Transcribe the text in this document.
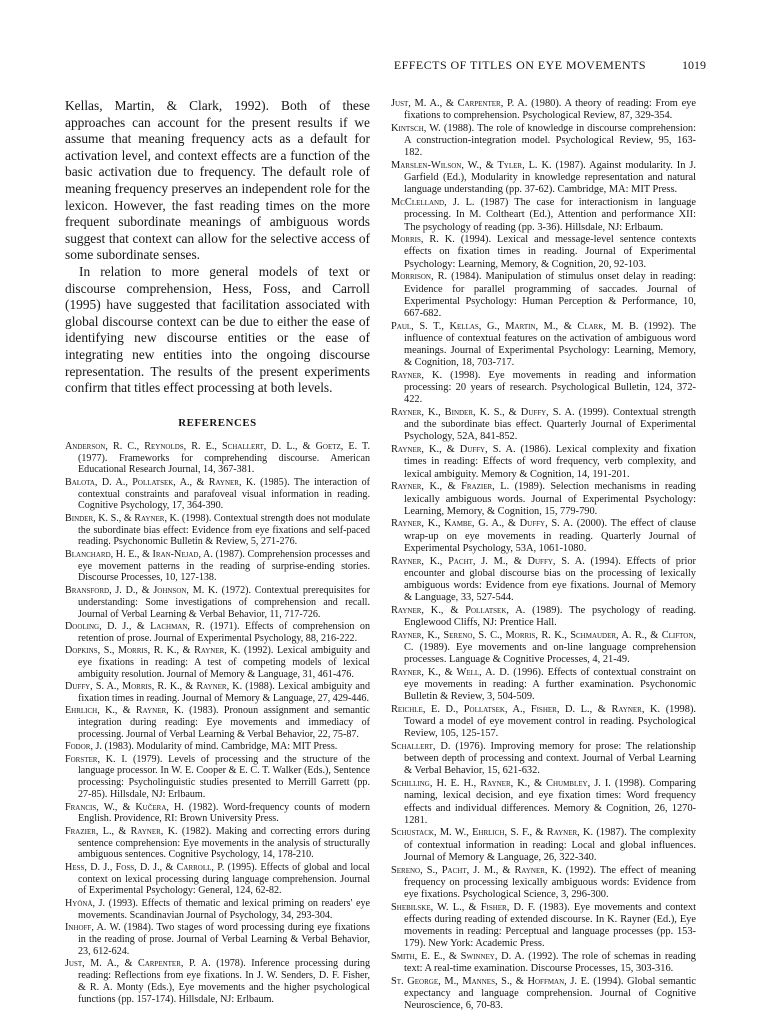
EFFECTS OF TITLES ON EYE MOVEMENTS	1019

Kellas, Martin, & Clark, 1992). Both of these approaches can account for the present results if we assume that meaning frequency acts as a default for activation level, and context effects are a function of the basic activation due to frequency. The default role of meaning frequency preserves an independent role for the lexicon. However, the fast reading times on the more frequent subordinate meanings of ambiguous words suggest that context can allow for the selective access of some subordinate senses.

In relation to more general models of text or discourse comprehension, Hess, Foss, and Carroll (1995) have suggested that facilitation associated with global discourse context can be due to either the ease of identifying new discourse entities or the ease of integrating new entities into the ongoing discourse representation. The results of the present experiments confirm that titles effect processing at both levels.

REFERENCES

Anderson, R. C., Reynolds, R. E., Schallert, D. L., & Goetz, E. T. (1977). Frameworks for comprehending discourse. American Educational Research Journal, 14, 367-381.

Balota, D. A., Pollatsek, A., & Rayner, K. (1985). The interaction of contextual constraints and parafoveal visual information in reading. Cognitive Psychology, 17, 364-390.

Binder, K. S., & Rayner, K. (1998). Contextual strength does not modulate the subordinate bias effect: Evidence from eye fixations and self-paced reading. Psychonomic Bulletin & Review, 5, 271-276.

Blanchard, H. E., & Iran-Nejad, A. (1987). Comprehension processes and eye movement patterns in the reading of surprise-ending stories. Discourse Processes, 10, 127-138.

Bransford, J. D., & Johnson, M. K. (1972). Contextual prerequisites for understanding: Some investigations of comprehension and recall. Journal of Verbal Learning & Verbal Behavior, 11, 717-726.

Dooling, D. J., & Lachman, R. (1971). Effects of comprehension on retention of prose. Journal of Experimental Psychology, 88, 216-222.

Dopkins, S., Morris, R. K., & Rayner, K. (1992). Lexical ambiguity and eye fixations in reading: A test of competing models of lexical ambiguity resolution. Journal of Memory & Language, 31, 461-476.

Duffy, S. A., Morris, R. K., & Rayner, K. (1988). Lexical ambiguity and fixation times in reading. Journal of Memory & Language, 27, 429-446.

Ehrlich, K., & Rayner, K. (1983). Pronoun assignment and semantic integration during reading: Eye movements and immediacy of processing. Journal of Verbal Learning & Verbal Behavior, 22, 75-87.

Fodor, J. (1983). Modularity of mind. Cambridge, MA: MIT Press.

Forster, K. I. (1979). Levels of processing and the structure of the language processor. In W. E. Cooper & E. C. T. Walker (Eds.), Sentence processing: Psycholinguistic studies presented to Merrill Garrett (pp. 27-85). Hillsdale, NJ: Erlbaum.

Francis, W., & Kučera, H. (1982). Word-frequency counts of modern English. Providence, RI: Brown University Press.

Frazier, L., & Rayner, K. (1982). Making and correcting errors during sentence comprehension: Eye movements in the analysis of structurally ambiguous sentences. Cognitive Psychology, 14, 178-210.

Hess, D. J., Foss, D. J., & Carroll, P. (1995). Effects of global and local context on lexical processing during language comprehension. Journal of Experimental Psychology: General, 124, 62-82.

Hyönä, J. (1993). Effects of thematic and lexical priming on readers' eye movements. Scandinavian Journal of Psychology, 34, 293-304.

Inhoff, A. W. (1984). Two stages of word processing during eye fixations in the reading of prose. Journal of Verbal Learning & Verbal Behavior, 23, 612-624.

Just, M. A., & Carpenter, P. A. (1978). Inference processing during reading: Reflections from eye fixations. In J. W. Senders, D. F. Fisher, & R. A. Monty (Eds.), Eye movements and the higher psychological functions (pp. 157-174). Hillsdale, NJ: Erlbaum.

Just, M. A., & Carpenter, P. A. (1980). A theory of reading: From eye fixations to comprehension. Psychological Review, 87, 329-354.

Kintsch, W. (1988). The role of knowledge in discourse comprehension: A construction-integration model. Psychological Review, 95, 163-182.

Marslen-Wilson, W., & Tyler, L. K. (1987). Against modularity. In J. Garfield (Ed.), Modularity in knowledge representation and natural language understanding (pp. 37-62). Cambridge, MA: MIT Press.

McClelland, J. L. (1987) The case for interactionism in language processing. In M. Coltheart (Ed.), Attention and performance XII: The psychology of reading (pp. 3-36). Hillsdale, NJ: Erlbaum.

Morris, R. K. (1994). Lexical and message-level sentence contexts effects on fixation times in reading. Journal of Experimental Psychology: Learning, Memory, & Cognition, 20, 92-103.

Morrison, R. (1984). Manipulation of stimulus onset delay in reading: Evidence for parallel programming of saccades. Journal of Experimental Psychology: Human Perception & Performance, 10, 667-682.

Paul, S. T., Kellas, G., Martin, M., & Clark, M. B. (1992). The influence of contextual features on the activation of ambiguous word meanings. Journal of Experimental Psychology: Learning, Memory, & Cognition, 18, 703-717.

Rayner, K. (1998). Eye movements in reading and information processing: 20 years of research. Psychological Bulletin, 124, 372-422.

Rayner, K., Binder, K. S., & Duffy, S. A. (1999). Contextual strength and the subordinate bias effect. Quarterly Journal of Experimental Psychology, 52A, 841-852.

Rayner, K., & Duffy, S. A. (1986). Lexical complexity and fixation times in reading: Effects of word frequency, verb complexity, and lexical ambiguity. Memory & Cognition, 14, 191-201.

Rayner, K., & Frazier, L. (1989). Selection mechanisms in reading lexically ambiguous words. Journal of Experimental Psychology: Learning, Memory, & Cognition, 15, 779-790.

Rayner, K., Kambe, G. A., & Duffy, S. A. (2000). The effect of clause wrap-up on eye movements in reading. Quarterly Journal of Experimental Psychology, 53A, 1061-1080.

Rayner, K., Pacht, J. M., & Duffy, S. A. (1994). Effects of prior encounter and global discourse bias on the processing of lexically ambiguous words: Evidence from eye fixations. Journal of Memory & Language, 33, 527-544.

Rayner, K., & Pollatsek, A. (1989). The psychology of reading. Englewood Cliffs, NJ: Prentice Hall.

Rayner, K., Sereno, S. C., Morris, R. K., Schmauder, A. R., & Clifton, C. (1989). Eye movements and on-line language comprehension processes. Language & Cognitive Processes, 4, 21-49.

Rayner, K., & Well, A. D. (1996). Effects of contextual constraint on eye movements in reading: A further examination. Psychonomic Bulletin & Review, 3, 504-509.

Reichle, E. D., Pollatsek, A., Fisher, D. L., & Rayner, K. (1998). Toward a model of eye movement control in reading. Psychological Review, 105, 125-157.

Schallert, D. (1976). Improving memory for prose: The relationship between depth of processing and context. Journal of Verbal Learning & Verbal Behavior, 15, 621-632.

Schilling, H. E. H., Rayner, K., & Chumbley, J. I. (1998). Comparing naming, lexical decision, and eye fixation times: Word frequency effects and individual differences. Memory & Cognition, 26, 1270-1281.

Schustack, M. W., Ehrlich, S. F., & Rayner, K. (1987). The complexity of contextual information in reading: Local and global influences. Journal of Memory & Language, 26, 322-340.

Sereno, S., Pacht, J. M., & Rayner, K. (1992). The effect of meaning frequency on processing lexically ambiguous words: Evidence from eye fixations. Psychological Science, 3, 296-300.

Shebilske, W. L., & Fisher, D. F. (1983). Eye movements and context effects during reading of extended discourse. In K. Rayner (Ed.), Eye movements in reading: Perceptual and language processes (pp. 153-179). New York: Academic Press.

Smith, E. E., & Swinney, D. A. (1992). The role of schemas in reading text: A real-time examination. Discourse Processes, 15, 303-316.

St. George, M., Mannes, S., & Hoffman, J. E. (1994). Global semantic expectancy and language comprehension. Journal of Cognitive Neuroscience, 6, 70-83.
